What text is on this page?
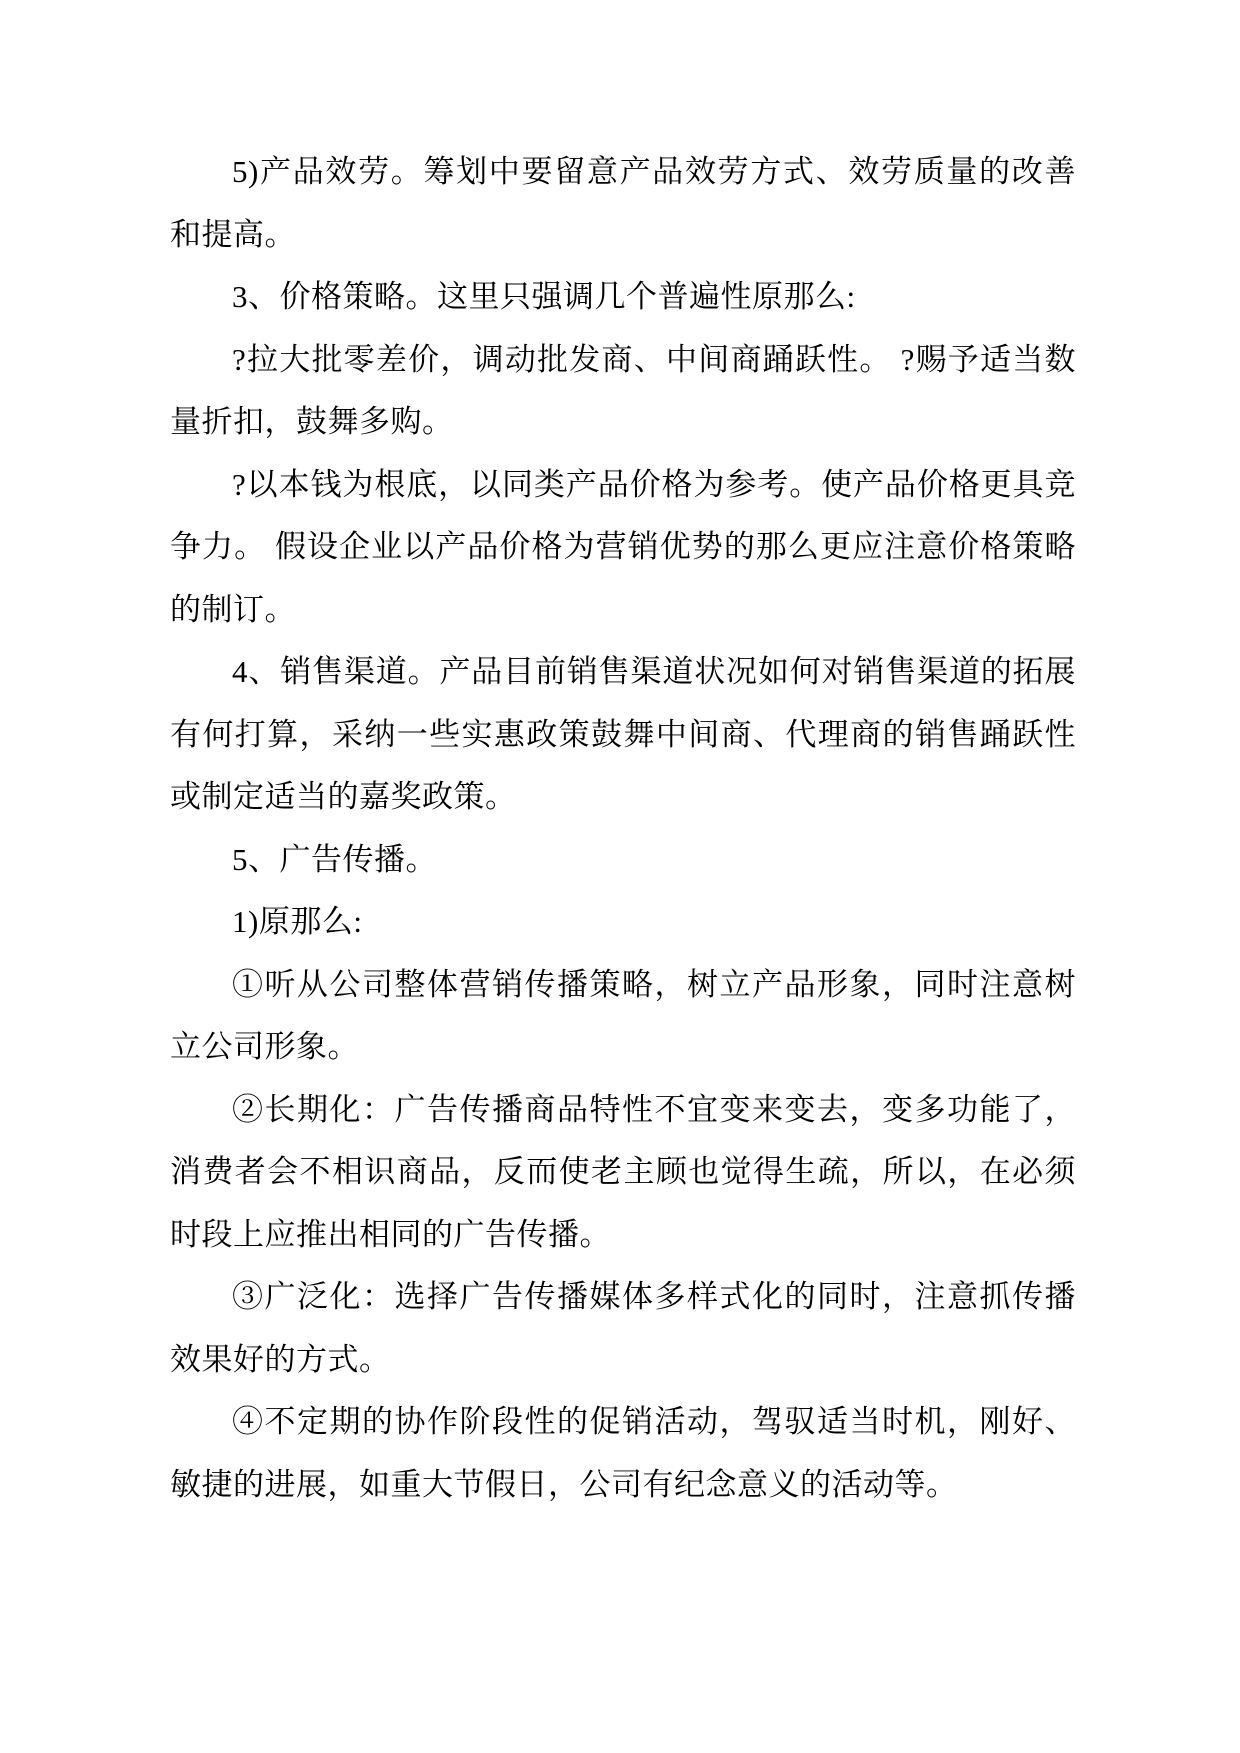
5)产品效劳。筹划中要留意产品效劳方式、效劳质量的改善和提高。

3、价格策略。这里只强调几个普遍性原那么:

?拉大批零差价，调动批发商、中间商踊跃性。 ?赐予适当数量折扣，鼓舞多购。

?以本钱为根底，以同类产品价格为参考。使产品价格更具竞争力。 假设企业以产品价格为营销优势的那么更应注意价格策略的制订。

4、销售渠道。产品目前销售渠道状况如何对销售渠道的拓展有何打算，采纳一些实惠政策鼓舞中间商、代理商的销售踊跃性或制定适当的嘉奖政策。

5、广告传播。

1)原那么:

①听从公司整体营销传播策略，树立产品形象，同时注意树立公司形象。

②长期化：广告传播商品特性不宜变来变去，变多功能了，消费者会不相识商品，反而使老主顾也觉得生疏，所以，在必须时段上应推出相同的广告传播。

③广泛化：选择广告传播媒体多样式化的同时，注意抓传播效果好的方式。

④不定期的协作阶段性的促销活动，驾驭适当时机，刚好、敏捷的进展，如重大节假日，公司有纪念意义的活动等。
